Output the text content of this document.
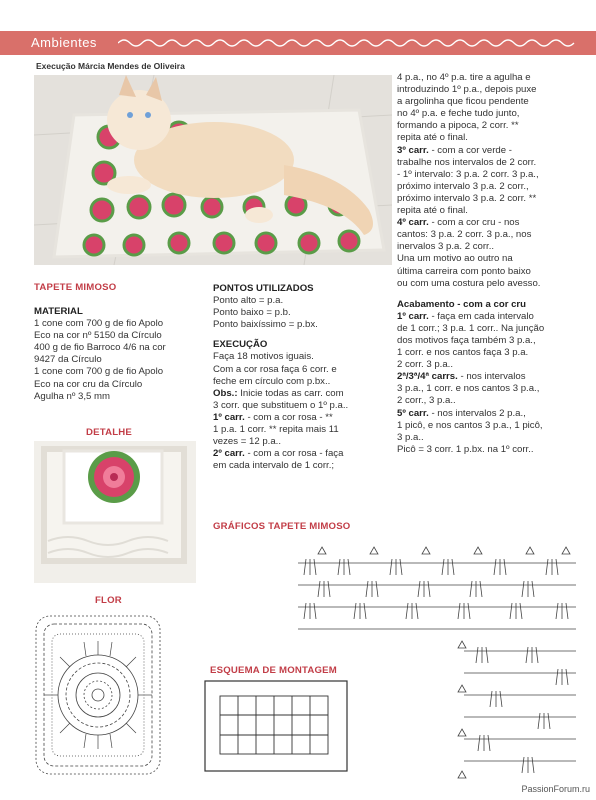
Ambientes
Execução Márcia Mendes de Oliveira
TAPETE MIMOSO

MATERIAL

1 cone com 700 g de fio Apolo

Eco na cor nº 5150 da Círculo

400 g de fio Barroco 4/6 na cor

9427 da Círculo

1 cone com 700 g de fio Apolo

Eco na cor cru da Círculo

Agulha nº 3,5 mm

DETALHE
FLOR

PONTOS UTILIZADOS

Ponto alto = p.a.

Ponto baixo = p.b.

Ponto baixíssimo = p.bx.

EXECUÇÃO

Faça 18 motivos iguais.

Com a cor rosa faça 6 corr. e

feche em círculo com p.bx..

Obs.: Inicie todas as carr. com

3 corr. que substituem o 1º p.a..

1º carr. - com a cor rosa - **

1 p.a. 1 corr. ** repita mais 11

vezes = 12 p.a..

2º carr. - com a cor rosa - faça

em cada intervalo de 1 corr.;

GRÁFICOS TAPETE MIMOSO
ESQUEMA DE MONTAGEM

4 p.a., no 4º p.a. tire a agulha e

introduzindo 1º p.a., depois puxe

a argolinha que ficou pendente

no 4º p.a. e feche tudo junto,

formando a pipoca, 2 corr. **

repita até o final.

3º carr. - com a cor verde -

trabalhe nos intervalos de 2 corr.

- 1º intervalo: 3 p.a. 2 corr. 3 p.a.,

próximo intervalo 3 p.a. 2 corr.,

próximo intervalo 3 p.a. 2 corr. **

repita até o final.

4º carr. - com a cor cru - nos

cantos: 3 p.a. 2 corr. 3 p.a., nos

inervalos 3 p.a. 2 corr..

Una um motivo ao outro na

última carreira com ponto baixo

ou com uma costura pelo avesso.

Acabamento - com a cor cru

1º carr. - faça em cada intervalo

de 1 corr.; 3 p.a. 1 corr.. Na junção

dos motivos faça também 3 p.a.,

1 corr. e nos cantos faça 3 p.a.

2 corr. 3 p.a..

2ª/3ª/4ª carrs. - nos intervalos

3 p.a., 1 corr. e nos cantos 3 p.a.,

2 corr., 3 p.a..

5º carr. - nos intervalos 2 p.a.,

1 picô, e nos cantos 3 p.a., 1 picô,

3 p.a..

Picô = 3 corr. 1 p.bx. na 1º corr..

PassionForum.ru
